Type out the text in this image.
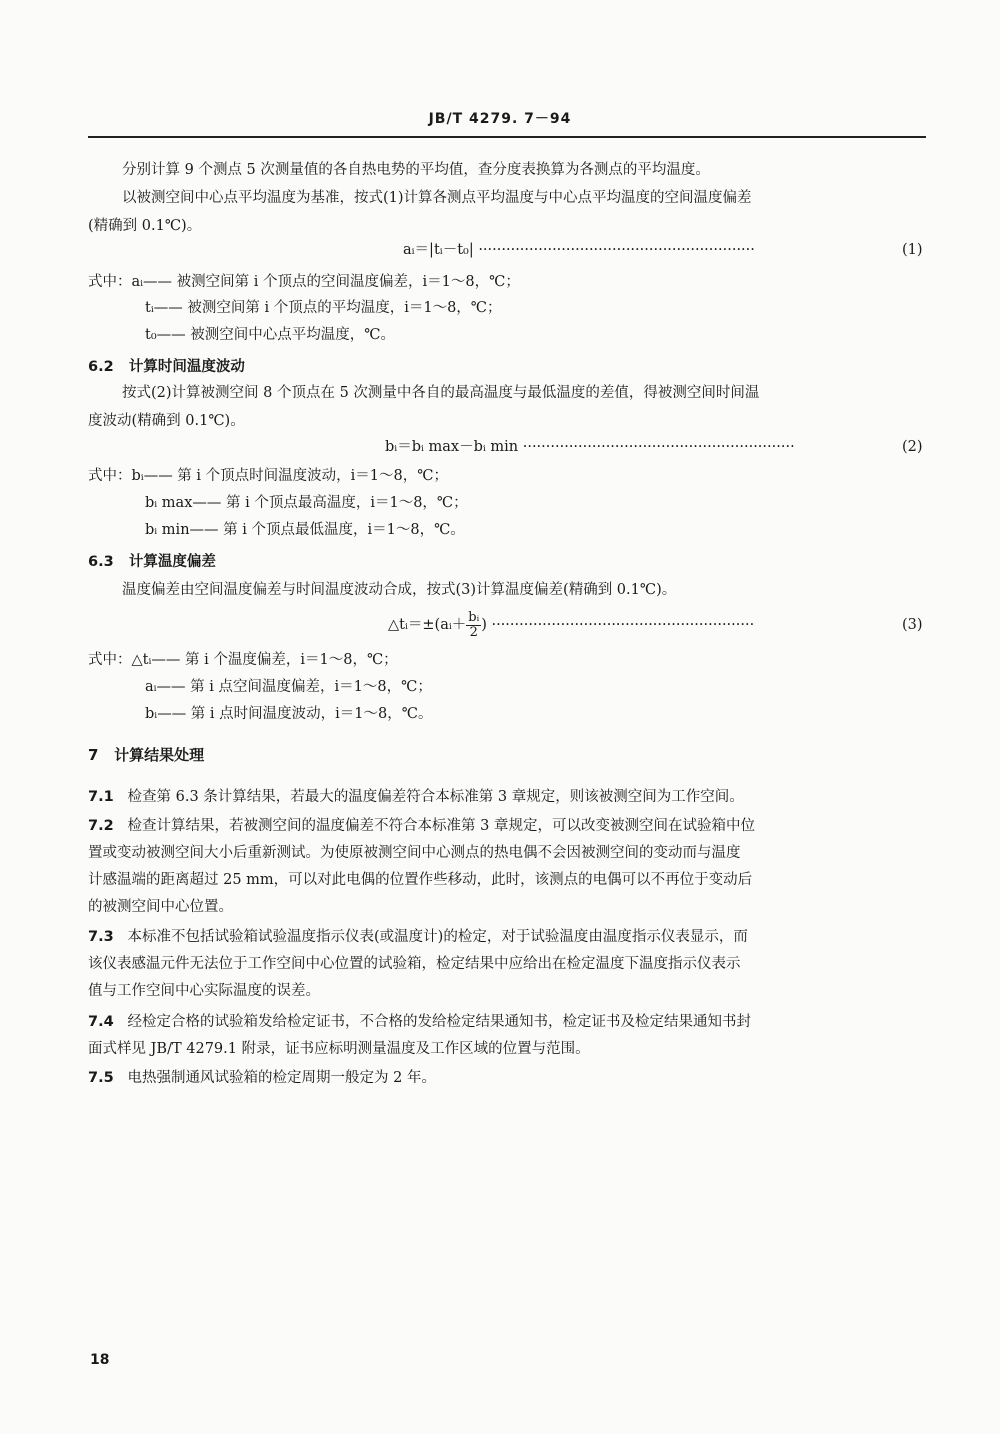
JB/T 4279. 7－94
分别计算 9 个测点 5 次测量值的各自热电势的平均值，查分度表换算为各测点的平均温度。
以被测空间中心点平均温度为基准，按式(1)计算各测点平均温度与中心点平均温度的空间温度偏差
(精确到 0.1℃)。
aᵢ＝|tᵢ－t₀| ····························································	(1)
式中：aᵢ—— 被测空间第 i 个顶点的空间温度偏差，i＝1～8，℃；
tᵢ—— 被测空间第 i 个顶点的平均温度，i＝1～8，℃；
t₀—— 被测空间中心点平均温度，℃。
6.2 计算时间温度波动
按式(2)计算被测空间 8 个顶点在 5 次测量中各自的最高温度与最低温度的差值，得被测空间时间温
度波动(精确到 0.1℃)。
bᵢ＝bᵢ max－bᵢ min ···························································	(2)
式中：bᵢ—— 第 i 个顶点时间温度波动，i＝1～8，℃；
bᵢ max—— 第 i 个顶点最高温度，i＝1～8，℃；
bᵢ min—— 第 i 个顶点最低温度，i＝1～8，℃。
6.3 计算温度偏差
温度偏差由空间温度偏差与时间温度波动合成，按式(3)计算温度偏差(精确到 0.1℃)。
△tᵢ＝±(aᵢ＋ $\frac{\text{bᵢ}}{2}$ ) ·························································	(3)
式中：△tᵢ—— 第 i 个温度偏差，i＝1～8，℃；
aᵢ—— 第 i 点空间温度偏差，i＝1～8，℃；
bᵢ—— 第 i 点时间温度波动，i＝1～8，℃。
7 计算结果处理
7.1 检查第 6.3 条计算结果，若最大的温度偏差符合本标准第 3 章规定，则该被测空间为工作空间。
7.2 检查计算结果，若被测空间的温度偏差不符合本标准第 3 章规定，可以改变被测空间在试验箱中位
置或变动被测空间大小后重新测试。为使原被测空间中心测点的热电偶不会因被测空间的变动而与温度
计感温端的距离超过 25 mm，可以对此电偶的位置作些移动，此时，该测点的电偶可以不再位于变动后
的被测空间中心位置。
7.3 本标准不包括试验箱试验温度指示仪表(或温度计)的检定，对于试验温度由温度指示仪表显示，而
该仪表感温元件无法位于工作空间中心位置的试验箱，检定结果中应给出在检定温度下温度指示仪表示
值与工作空间中心实际温度的误差。
7.4 经检定合格的试验箱发给检定证书，不合格的发给检定结果通知书，检定证书及检定结果通知书封
面式样见 JB/T 4279.1 附录，证书应标明测量温度及工作区域的位置与范围。
7.5 电热强制通风试验箱的检定周期一般定为 2 年。
18
